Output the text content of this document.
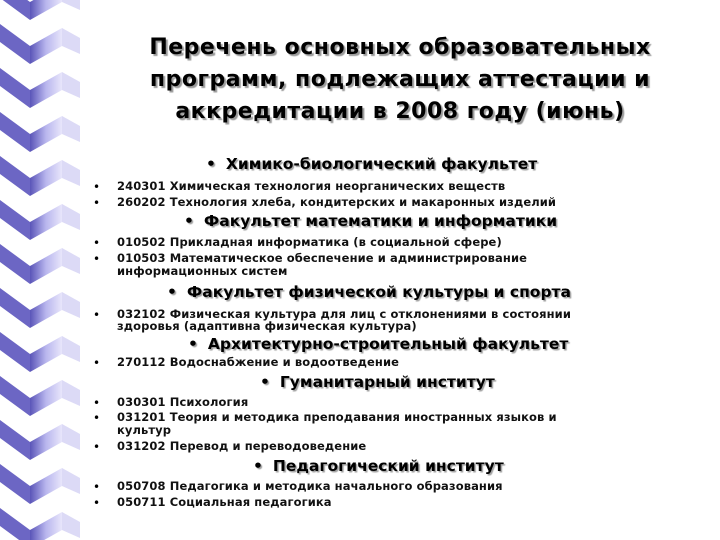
Перечень основных образовательных
программ, подлежащих аттестации и
аккредитации в 2008 году (июнь)
• Химико-биологический факультет
• 240301 Химическая технология неорганических веществ
• 260202 Технология хлеба, кондитерских и макаронных изделий
• Факультет математики и информатики
• 010502 Прикладная информатика (в социальной сфере)
• 010503 Математическое обеспечение и администрирование
информационных систем
• Факультет физической культуры и спорта
• 032102 Физическая культура для лиц с отклонениями в состоянии
здоровья (адаптивна физическая культура)
• Архитектурно-строительный факультет
• 270112 Водоснабжение и водоотведение
• Гуманитарный институт
• 030301 Психология
• 031201 Теория и методика преподавания иностранных языков и
культур
• 031202 Перевод и переводоведение
• Педагогический институт
• 050708 Педагогика и методика начального образования
• 050711 Социальная педагогика
